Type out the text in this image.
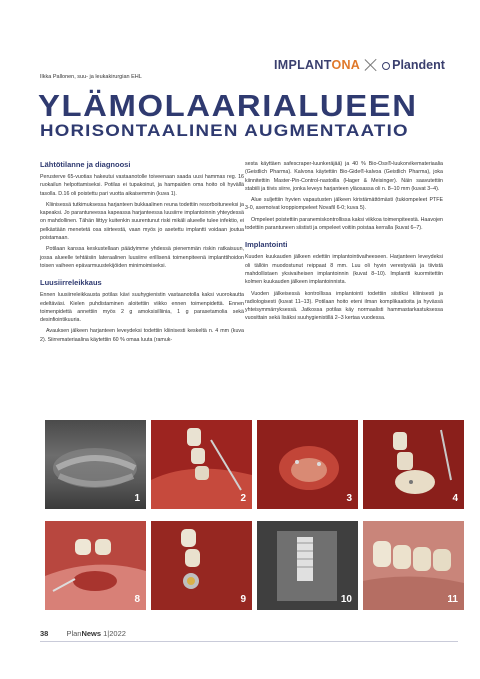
IMPLANTONA	Plandent
Ilkka Pallonen, suu- ja leukakirurgian EHL
YLÄMOLAARIALUEEN
HORISONTAALINEN AUGMENTAATIO
Lähtötilanne ja diagnoosi

Perusterve 65-vuotias hakeutui vastaanotolle toiveenaan saada uusi hammas reg. 16 ruokailun helpottamiseksi. Potilas ei tupakoinut, ja hampaiden oma hoito oli hyvällä tasolla. D.16 oli poistettu pari vuotta aikaisemmin (kuva 1).

Kliinisessä tutkimuksessa harjanteen bukkaalinen reuna todettiin resorboituneeksi ja kapeaksi. Jo parantuneessa kapeassa harjanteessa luusiirre implantoinnin yhteydessä on mahdollinen. Tähän liittyy kuitenkin suurentunut riski mikäli alueelle tulee infektio, ei pelkästään menetetä osa siirteestä, vaan myös jo asetettu implantti voidaan joutua poistamaan.

Potilaan kanssa keskustellaan päädyimme yhdessä pienemmän riskin ratkaisuun, jossa alueelle tehtäisiin lateraalinen luusiirre erillisenä toimenpiteenä implanttihoidon toisen vaiheen epävarmuustekijöiden minimoimiseksi.

Luusiirreleikkaus

Ennen luusiirreleikkausta potilas kävi suuhygienistin vastaanotolla kaksi vuorokautta edeltäväsi. Kielen puhdistaminen aloitettiin viikko ennen toimenpidettä. Ennen toimenpidettä annettiin myös 2 g amoksisilliinia, 1 g parasetamolia sekä desinfiointikuuria.

Avauksen jälkeen harjanteen leveydeksi todettiin kliinisesti keskeltä n. 4 mm (kuva 2). Siirremateriaalina käytettiin 60 % omaa luuta (ramuk-

sesta käyttäen safescraper-luunkeräjää) ja 40 % Bio-Oss®-luukorvikemateriaalia (Geistlich Pharma). Kalvona käytettiin Bio-Gide®-kalvoa (Geistlich Pharma), joka kiinnitettiin Master-Pin-Control-nastoilla (Hager & Meisinger). Näin saavutettiin stabiili ja tiivis siirre, jonka leveys harjanteen yläosassa oli n. 8–10 mm (kuvat 3–4).

Alue suljettiin hyvien vapautusten jälkeen kiristämättömästi (tukiompeleet PTFE 3-0, asemoivat kroppiompeleet Novafil 6-0; kuva 5).

Ompeleet poistettiin paranemiskontrollissa kaksi viikkoa toimenpiteestä. Haavojen todettiin parantuneen siististi ja ompeleet voitiin poistaa kerralla (kuvat 6–7).

Implantointi

Kuuden kuukauden jälkeen edettiin implantointivaiheeseen. Harjanteen leveydeksi oli tällöin muodostunut reippaat 8 mm. Luu oli hyvin verestyvää ja tiivistä mahdollistaen yksivaiheisen implantoinnin (kuvat 8–10). Implantti kuormitettiin kolmen kuukauden jälkeen implantoinnista.

Vuoden jälkeisessä kontrollissa implantointi todettiin siistiksi kliinisesti ja radiologisesti (kuvat 11–13). Potilaan hoito eteni ilman komplikaatioita ja hyvässä yhteisymmärryksessä. Jatkossa potilas käy normaalisti hammastarkastuksessa vuosittain sekä lisäksi suuhygienistillä 2–3 kertaa vuodessa.

1	2	3	4
8	9	10	11
38 PlanNews 1|2022
